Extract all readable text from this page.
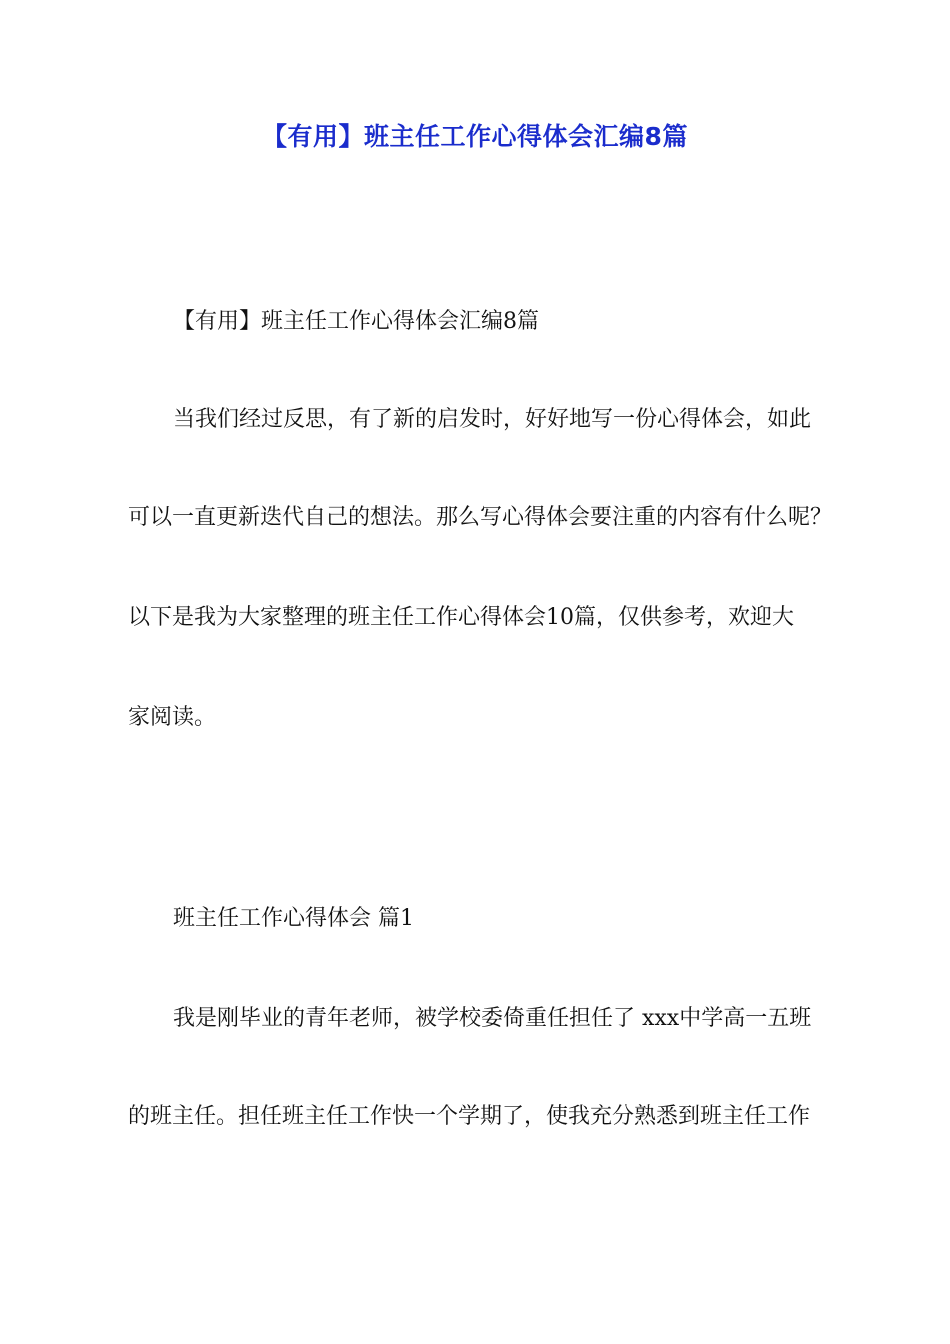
【有用】班主任工作心得体会汇编8篇
【有用】班主任工作心得体会汇编8篇
当我们经过反思，有了新的启发时，好好地写一份心得体会，如此
可以一直更新迭代自己的想法。那么写心得体会要注重的内容有什么呢？
以下是我为大家整理的班主任工作心得体会10篇，仅供参考，欢迎大
家阅读。
班主任工作心得体会 篇1
我是刚毕业的青年老师，被学校委倚重任担任了 xxx中学高一五班
的班主任。担任班主任工作快一个学期了，使我充分熟悉到班主任工作
